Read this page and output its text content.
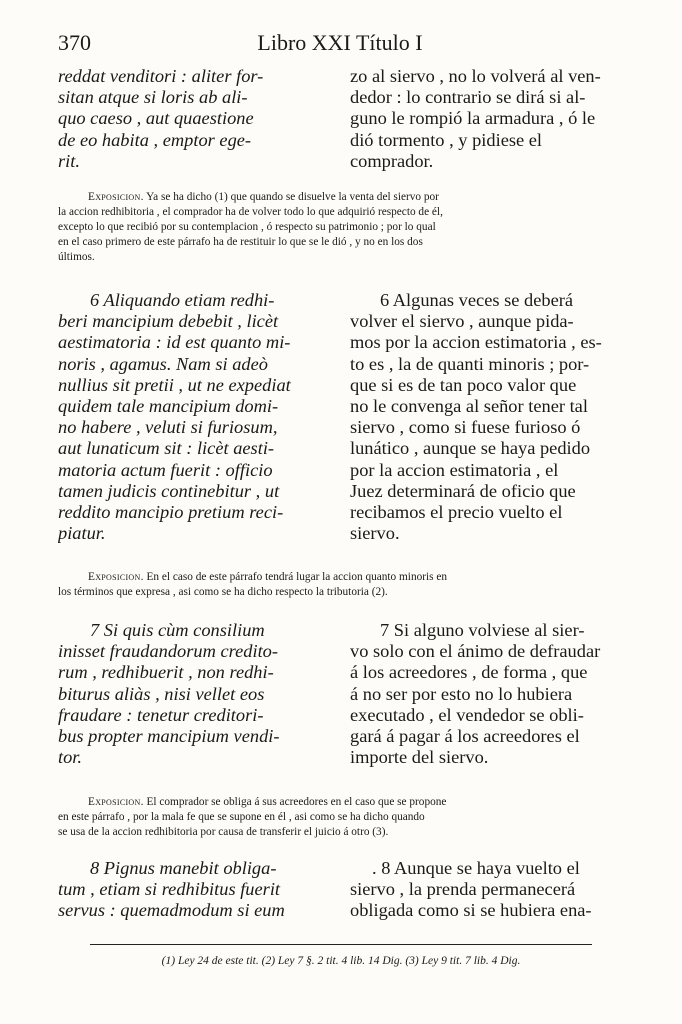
370	Libro XXI Título I
reddat venditori : aliter for-
sitan atque si loris ab ali-
quo caeso , aut quaestione
de eo habita , emptor ege-
rit.
zo al siervo , no lo volverá al ven-
dedor : lo contrario se dirá si al-
guno le rompió la armadura , ó le
dió tormento , y pidiese el
comprador.
Exposicion. Ya se ha dicho (1) que quando se disuelve la venta del siervo por
la accion redhibitoria , el comprador ha de volver todo lo que adquirió respecto de él,
excepto lo que recibió por su contemplacion , ó respecto su patrimonio ; por lo qual
en el caso primero de este párrafo ha de restituir lo que se le dió , y no en los dos
últimos.
6 Aliquando etiam redhi-
beri mancipium debebit , licèt
aestimatoria : id est quanto mi-
noris , agamus. Nam si adeò
nullius sit pretii , ut ne expediat
quidem tale mancipium domi-
no habere , veluti si furiosum,
aut lunaticum sit : licèt aesti-
matoria actum fuerit : officio
tamen judicis continebitur , ut
reddito mancipio pretium reci-
piatur.
6 Algunas veces se deberá
volver el siervo , aunque pida-
mos por la accion estimatoria , es-
to es , la de quanti minoris ; por-
que si es de tan poco valor que
no le convenga al señor tener tal
siervo , como si fuese furioso ó
lunático , aunque se haya pedido
por la accion estimatoria , el
Juez determinará de oficio que
recibamos el precio vuelto el
siervo.
Exposicion. En el caso de este párrafo tendrá lugar la accion quanto minoris en
los términos que expresa , asi como se ha dicho respecto la tributoria (2).
7 Si quis cùm consilium
inisset fraudandorum credito-
rum , redhibuerit , non redhi-
biturus aliàs , nisi vellet eos
fraudare : tenetur creditori-
bus propter mancipium vendi-
tor.
7 Si alguno volviese al sier-
vo solo con el ánimo de defraudar
á los acreedores , de forma , que
á no ser por esto no lo hubiera
executado , el vendedor se obli-
gará á pagar á los acreedores el
importe del siervo.
Exposicion. El comprador se obliga á sus acreedores en el caso que se propone
en este párrafo , por la mala fe que se supone en él , asi como se ha dicho quando
se usa de la accion redhibitoria por causa de transferir el juicio á otro (3).
8 Pignus manebit obliga-
tum , etiam si redhibitus fuerit
servus : quemadmodum si eum
. 8 Aunque se haya vuelto el
siervo , la prenda permanecerá
obligada como si se hubiera ena-
(1) Ley 24 de este tit. (2) Ley 7 §. 2 tit. 4 lib. 14 Dig. (3) Ley 9 tit. 7 lib. 4 Dig.
